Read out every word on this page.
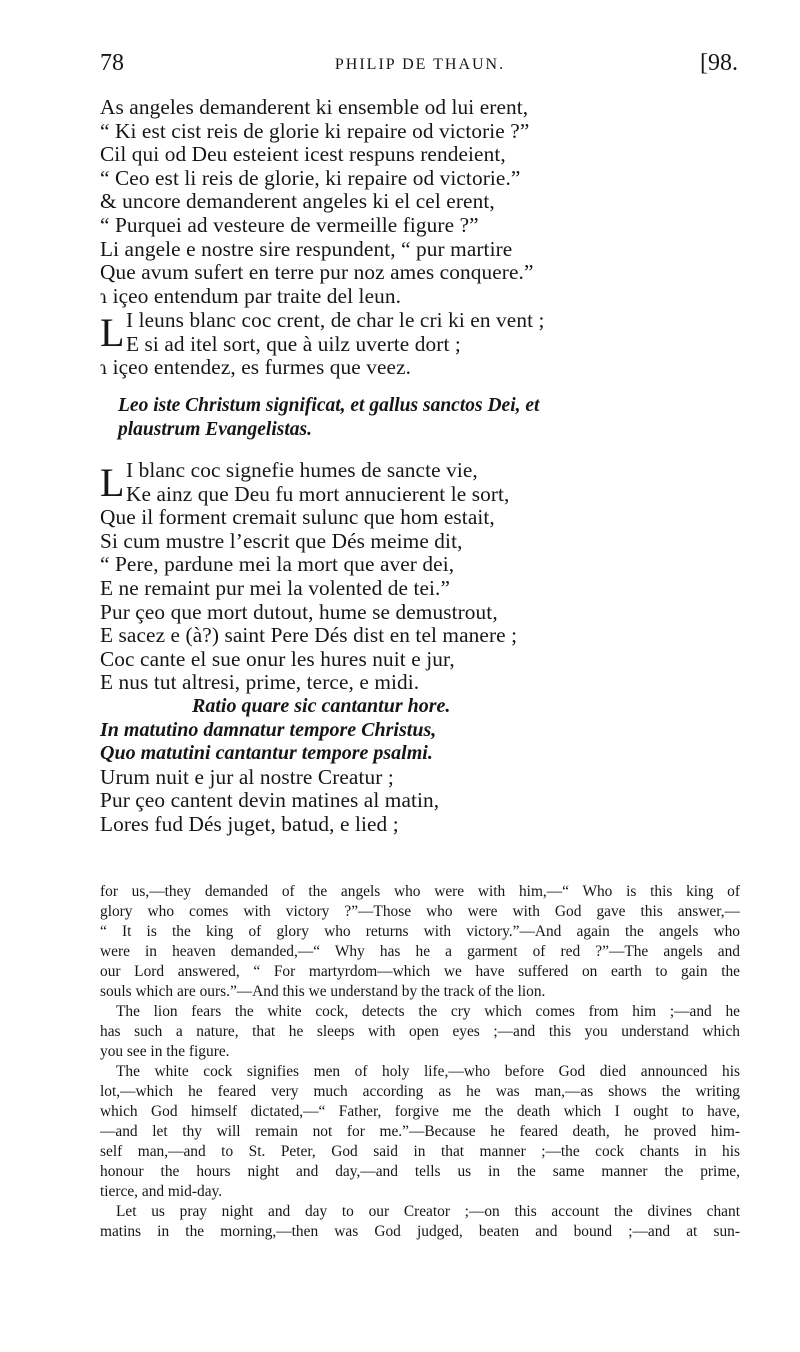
78	PHILIP DE THAUN.	[98.
As angeles demanderent ki ensemble od lui erent,
“ Ki est cist reis de glorie ki repaire od victorie ?”
Cil qui od Deu esteient icest respuns rendeient,
“ Ceo est li reis de glorie, ki repaire od victorie.”
& uncore demanderent angeles ki el cel erent,
“ Purquei ad vesteure de vermeille figure ?”
Li angele e nostre sire respundent, “ pur martire
Que avum sufert en terre pur noz ames conquere.”
ɿ içeo entendum par traite del leun.
L I leuns blanc coc crent, de char le cri ki en vent ;
E si ad itel sort, que à uilz uverte dort ;
ɿ içeo entendez, es furmes que veez.
Leo iste Christum significat, et gallus sanctos Dei, et
plaustrum Evangelistas.
L I blanc coc signefie humes de sancte vie,
Ke ainz que Deu fu mort annucierent le sort,
Que il forment cremait sulunc que hom estait,
Si cum mustre l’escrit que Dés meime dit,
“ Pere, pardune mei la mort que aver dei,
E ne remaint pur mei la volented de tei.”
Pur çeo que mort dutout, hume se demustrout,
E sacez e (à?) saint Pere Dés dist en tel manere ;
Coc cante el sue onur les hures nuit e jur,
E nus tut altresi, prime, terce, e midi.
Ratio quare sic cantantur hore.
In matutino damnatur tempore Christus,
Quo matutini cantantur tempore psalmi.
Urum nuit e jur al nostre Creatur ;
Pur çeo cantent devin matines al matin,
Lores fud Dés juget, batud, e lied ;
for us,—they demanded of the angels who were with him,—“ Who is this king of
glory who comes with victory ?”—Those who were with God gave this answer,—
“ It is the king of glory who returns with victory.”—And again the angels who
were in heaven demanded,—“ Why has he a garment of red ?”—The angels and
our Lord answered, “ For martyrdom—which we have suffered on earth to gain the
souls which are ours.”—And this we understand by the track of the lion.
The lion fears the white cock, detects the cry which comes from him ;—and he
has such a nature, that he sleeps with open eyes ;—and this you understand which
you see in the figure.
The white cock signifies men of holy life,—who before God died announced his
lot,—which he feared very much according as he was man,—as shows the writing
which God himself dictated,—“ Father, forgive me the death which I ought to have,
—and let thy will remain not for me.”—Because he feared death, he proved him-
self man,—and to St. Peter, God said in that manner ;—the cock chants in his
honour the hours night and day,—and tells us in the same manner the prime,
tierce, and mid-day.
Let us pray night and day to our Creator ;—on this account the divines chant
matins in the morning,—then was God judged, beaten and bound ;—and at sun-
